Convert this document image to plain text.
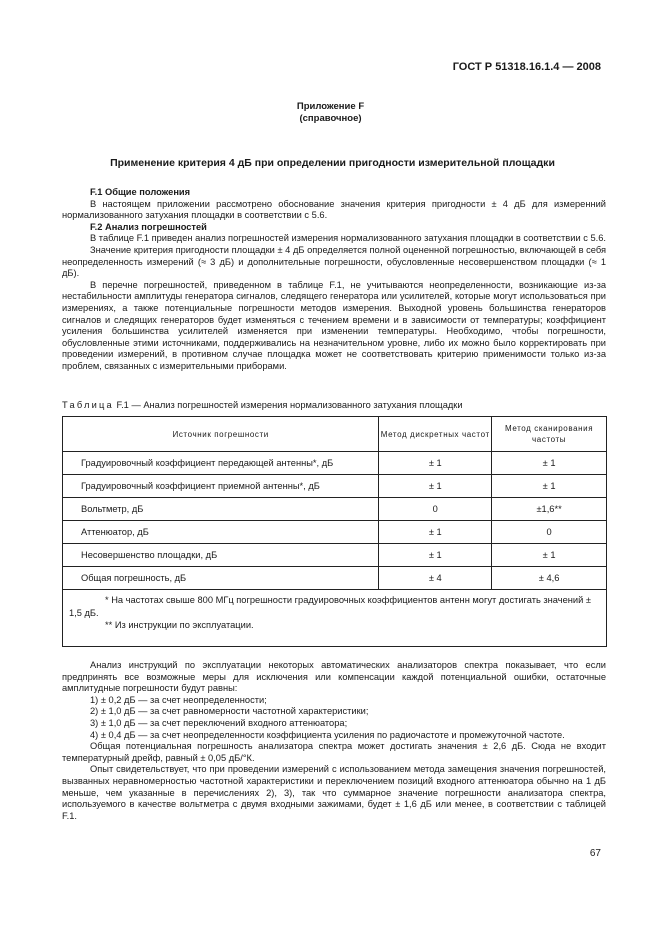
ГОСТ Р 51318.16.1.4 — 2008
Приложение F
(справочное)
Применение критерия 4 дБ при определении пригодности измерительной площадки

F.1 Общие положения

В настоящем приложении рассмотрено обоснование значения критерия пригодности ± 4 дБ для измеренний нормализованного затухания площадки в соответствии с 5.6.

F.2 Анализ погрешностей

В таблице F.1 приведен анализ погрешностей измерения нормализованного затухания площадки в соответствии с 5.6.

Значение критерия пригодности площадки ± 4 дБ определяется полной оцененной погрешностью, включающей в себя неопределенность измерений (≈ 3 дБ) и дополнительные погрешности, обусловленные несовершенством площадки (≈ 1 дБ).

В перечне погрешностей, приведенном в таблице F.1, не учитываются неопределенности, возникающие из-за нестабильности амплитуды генератора сигналов, следящего генератора или усилителей, которые могут использоваться при измерениях, а также потенциальные погрешности методов измерения. Выходной уровень большинства генераторов сигналов и следящих генераторов будет изменяться с течением времени и в зависимости от температуры; коэффициент усиления большинства усилителей изменяется при изменении температуры. Необходимо, чтобы погрешности, обусловленные этими источниками, поддерживались на незначительном уровне, либо их можно было корректировать при проведении измерений, в противном случае площадка может не соответствовать критерию применимости только из-за проблем, связанных с измерительными приборами.

Таблица F.1 — Анализ погрешностей измерения нормализованного затухания площадки
Источник погрешности	Метод дискретных частот	Метод сканирования частоты
Градуировочный коэффициент передающей антенны*, дБ	± 1	± 1
Градуировочный коэффициент приемной антенны*, дБ	± 1	± 1
Вольтметр, дБ	0	±1,6**
Аттенюатор, дБ	± 1	0
Несовершенство площадки, дБ	± 1	± 1
Общая погрешность, дБ	± 4	± 4,6

* На частотах свыше 800 МГц погрешности градуировочных коэффициентов антенн могут достигать значений ± 1,5 дБ.
** Из инструкции по эксплуатации.		

Анализ инструкций по эксплуатации некоторых автоматических анализаторов спектра показывает, что если предпринять все возможные меры для исключения или компенсации каждой потенциальной ошибки, остаточные амплитудные погрешности будут равны:

1) ± 0,2 дБ — за счет неопределенности;
2) ± 1,0 дБ — за счет равномерности частотной характеристики;
3) ± 1,0 дБ — за счет переключений входного аттенюатора;
4) ± 0,4 дБ — за счет неопределенности коэффициента усиления по радиочастоте и промежуточной частоте.

Общая потенциальная погрешность анализатора спектра может достигать значения ± 2,6 дБ. Сюда не входит температурный дрейф, равный ± 0,05 дБ/°К.

Опыт свидетельствует, что при проведении измерений с использованием метода замещения значения погрешностей, вызванных неравномерностью частотной характеристики и переключением позиций входного аттенюатора обычно на 1 дБ меньше, чем указанные в перечислениях 2), 3), так что суммарное значение погрешности анализатора спектра, используемого в качестве вольтметра с двумя входными зажимами, будет ± 1,6 дБ или менее, в соответствии с таблицей F.1.

67
